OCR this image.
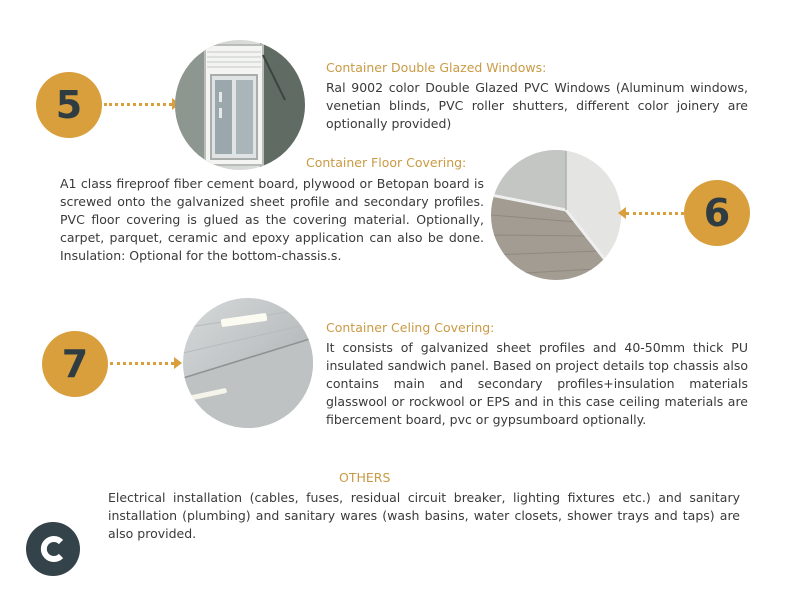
5
Container Double Glazed Windows:
Ral 9002 color Double Glazed PVC Windows (Aluminum windows, venetian blinds, PVC roller shutters, different color joinery are optionally provided)
Container Floor Covering:
A1 class fireproof fiber cement board, plywood or Betopan board is screwed onto the galvanized sheet profile and secondary profiles. PVC floor covering is glued as the covering material. Optionally, carpet, parquet, ceramic and epoxy application can also be done. Insulation: Optional for the bottom-chassis.s.
6
7
Container Celing Covering:
It consists of galvanized sheet profiles and 40-50mm thick PU insulated sandwich panel. Based on project details top chassis also contains main and secondary profiles+insulation materials glasswool or rockwool or EPS and in this case ceiling materials are fibercement board, pvc or gypsumboard optionally.
OTHERS
Electrical installation (cables, fuses, residual circuit breaker, lighting fixtures etc.) and sanitary installation (plumbing) and sanitary wares (wash basins, water closets, shower trays and taps) are also provided.
